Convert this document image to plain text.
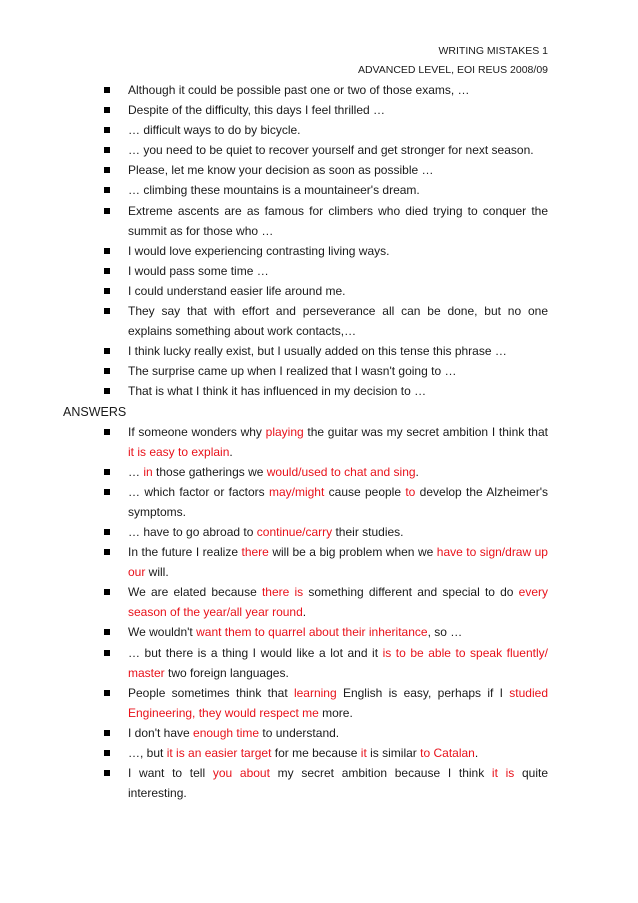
WRITING MISTAKES 1
ADVANCED LEVEL, EOI REUS 2008/09
Although it could be possible past one or two of those exams, …
Despite of the difficulty, this days I feel thrilled …
… difficult ways to do by bicycle.
… you need to be quiet to recover yourself and get stronger for next season.
Please, let me know your decision as soon as possible …
… climbing these mountains is a mountaineer's dream.
Extreme ascents are as famous for climbers who died trying to conquer the summit as for those who …
I would love experiencing contrasting living ways.
I would pass some time …
I could understand easier life around me.
They say that with effort and perseverance all can be done, but no one explains something about work contacts,…
I think lucky really exist, but I usually added on this tense this phrase …
The surprise came up when I realized that I wasn't going to …
That is what I think it has influenced in my decision to …
ANSWERS
If someone wonders why playing the guitar was my secret ambition I think that it is easy to explain.
… in those gatherings we would/used to chat and sing.
… which factor or factors may/might cause people to develop the Alzheimer's symptoms.
… have to go abroad to continue/carry their studies.
In the future I realize there will be a big problem when we have to sign/draw up our will.
We are elated because there is something different and special to do every season of the year/all year round.
We wouldn't want them to quarrel about their inheritance, so …
… but there is a thing I would like a lot and it is to be able to speak fluently/ master two foreign languages.
People sometimes think that learning English is easy, perhaps if I studied Engineering, they would respect me more.
I don't have enough time to understand.
…, but it is an easier target for me because it is similar to Catalan.
I want to tell you about my secret ambition because I think it is quite interesting.
